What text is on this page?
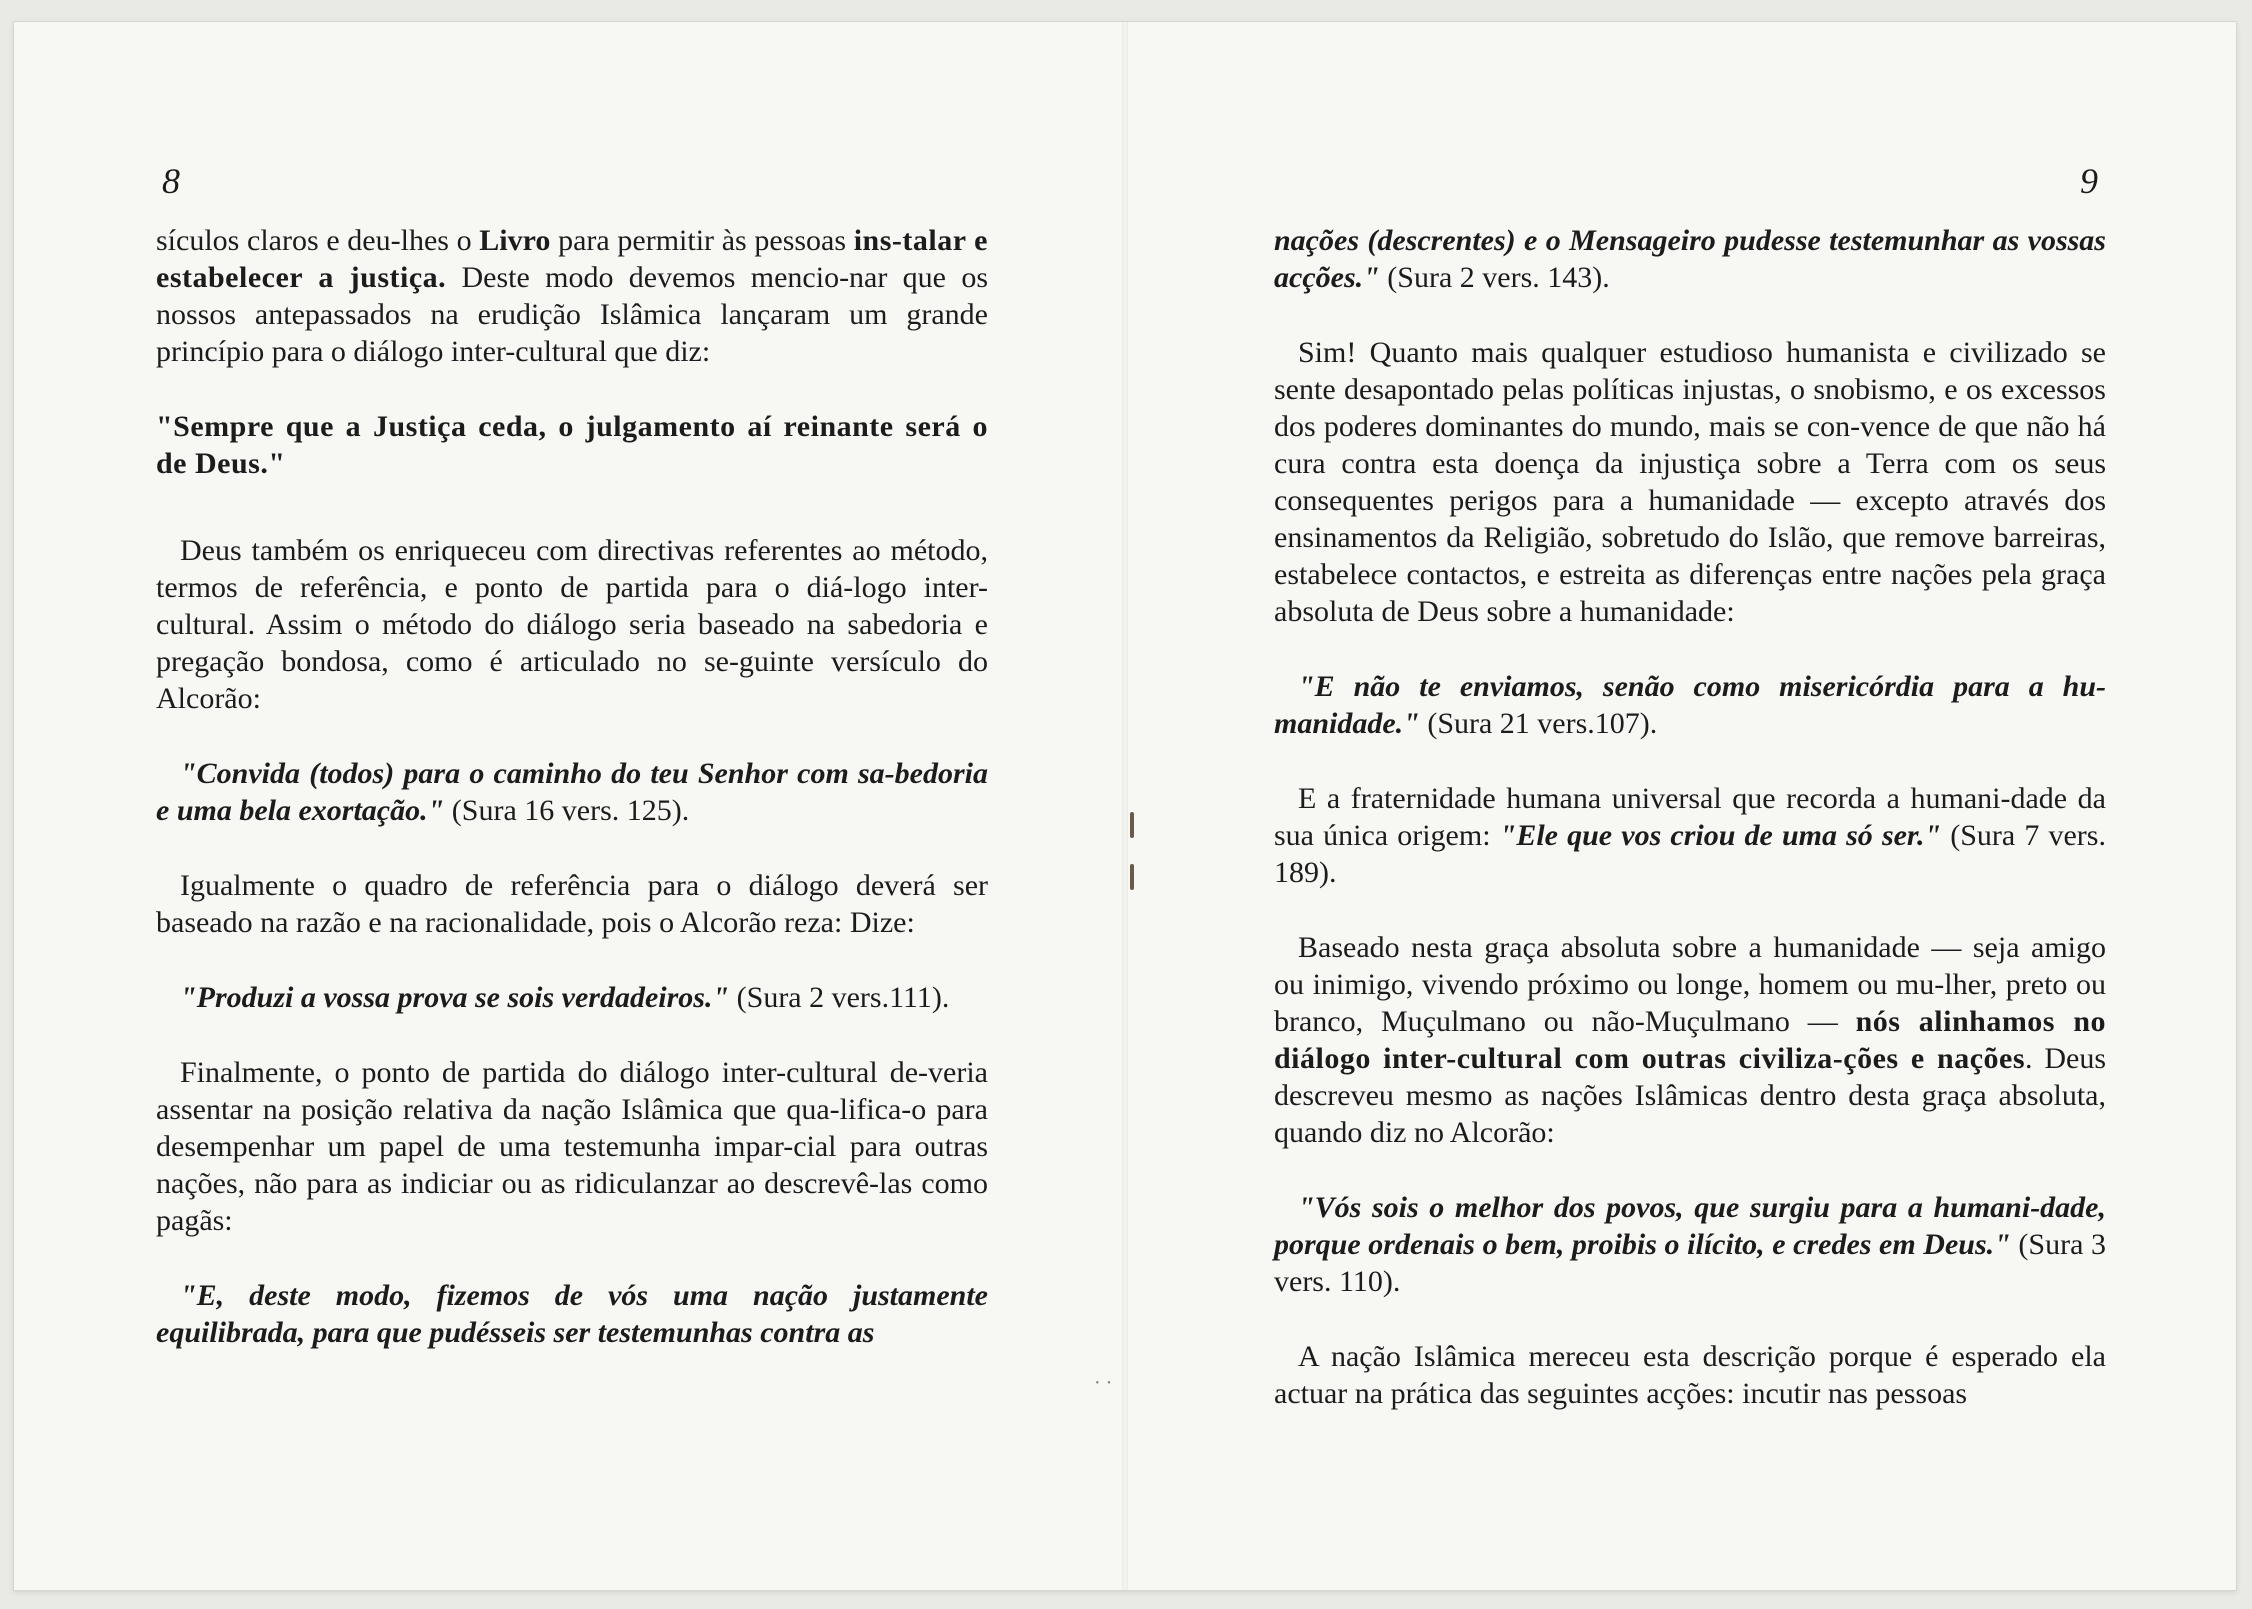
8

sículos claros e deu-lhes o Livro para permitir às pessoas ins-talar e estabelecer a justiça. Deste modo devemos mencio-nar que os nossos antepassados na erudição Islâmica lançaram um grande princípio para o diálogo inter-cultural que diz:

"Sempre que a Justiça ceda, o julgamento aí reinante será o de Deus."

Deus também os enriqueceu com directivas referentes ao método, termos de referência, e ponto de partida para o diá-logo inter-cultural. Assim o método do diálogo seria baseado na sabedoria e pregação bondosa, como é articulado no se-guinte versículo do Alcorão:

"Convida (todos) para o caminho do teu Senhor com sa-bedoria e uma bela exortação." (Sura 16 vers. 125).

Igualmente o quadro de referência para o diálogo deverá ser baseado na razão e na racionalidade, pois o Alcorão reza: Dize:

"Produzi a vossa prova se sois verdadeiros." (Sura 2 vers.111).

Finalmente, o ponto de partida do diálogo inter-cultural de-veria assentar na posição relativa da nação Islâmica que qua-lifica-o para desempenhar um papel de uma testemunha impar-cial para outras nações, não para as indiciar ou as ridiculanzar ao descrevê-las como pagãs:

"E, deste modo, fizemos de vós uma nação justamente equilibrada, para que pudésseis ser testemunhas contra as

· ·
9

nações (descrentes) e o Mensageiro pudesse testemunhar as vossas acções." (Sura 2 vers. 143).

Sim! Quanto mais qualquer estudioso humanista e civilizado se sente desapontado pelas políticas injustas, o snobismo, e os excessos dos poderes dominantes do mundo, mais se con-vence de que não há cura contra esta doença da injustiça sobre a Terra com os seus consequentes perigos para a humanidade — excepto através dos ensinamentos da Religião, sobretudo do Islão, que remove barreiras, estabelece contactos, e estreita as diferenças entre nações pela graça absoluta de Deus sobre a humanidade:

"E não te enviamos, senão como misericórdia para a hu-manidade." (Sura 21 vers.107).

E a fraternidade humana universal que recorda a humani-dade da sua única origem: "Ele que vos criou de uma só ser." (Sura 7 vers. 189).

Baseado nesta graça absoluta sobre a humanidade — seja amigo ou inimigo, vivendo próximo ou longe, homem ou mu-lher, preto ou branco, Muçulmano ou não-Muçulmano — nós alinhamos no diálogo inter-cultural com outras civiliza-ções e nações. Deus descreveu mesmo as nações Islâmicas dentro desta graça absoluta, quando diz no Alcorão:

"Vós sois o melhor dos povos, que surgiu para a humani-dade, porque ordenais o bem, proibis o ilícito, e credes em Deus." (Sura 3 vers. 110).

A nação Islâmica mereceu esta descrição porque é esperado ela actuar na prática das seguintes acções: incutir nas pessoas
